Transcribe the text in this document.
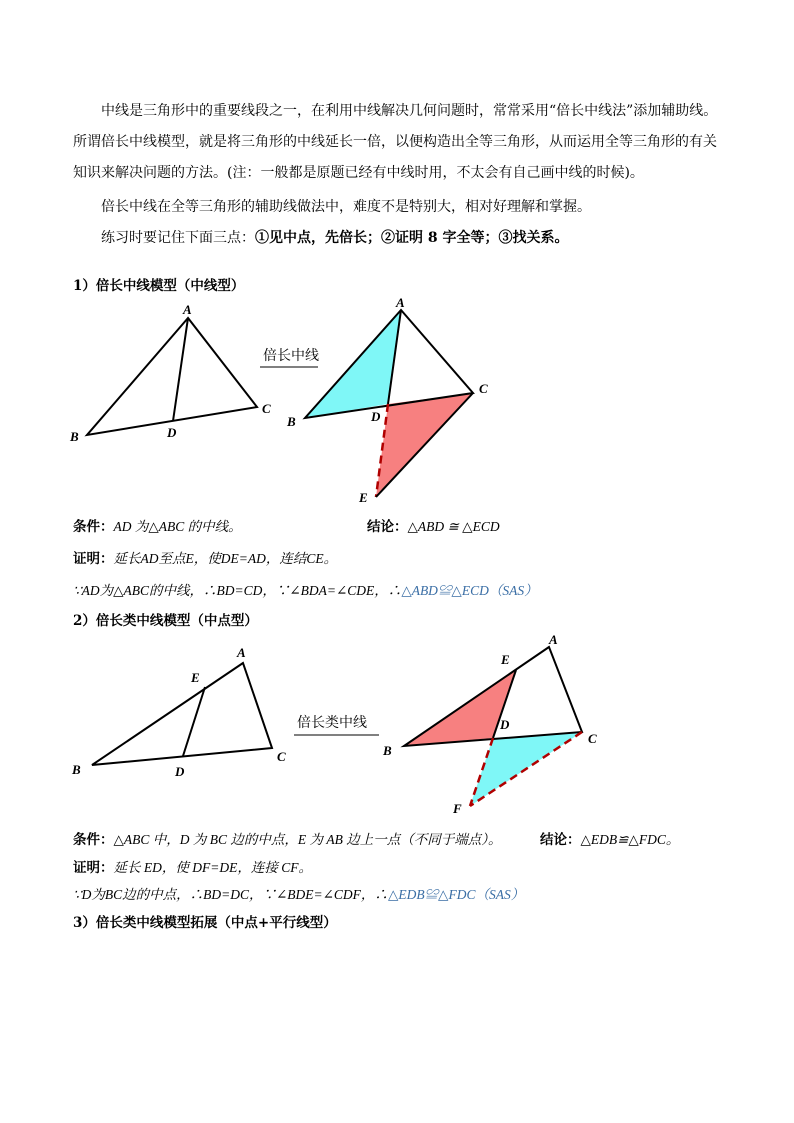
中线是三角形中的重要线段之一，在利用中线解决几何问题时，常常采用“倍长中线法”添加辅助线。所谓倍长中线模型，就是将三角形的中线延长一倍，以便构造出全等三角形，从而运用全等三角形的有关知识来解决问题的方法。(注：一般都是原题已经有中线时用，不太会有自己画中线的时候)。
倍长中线在全等三角形的辅助线做法中，难度不是特别大，相对好理解和掌握。
练习时要记住下面三点：①见中点，先倍长；②证明 8 字全等；③找关系。
1）倍长中线模型（中线型）
A
B
C
D
倍长中线
A
B
C
D
E
A
B
C
D
E
倍长类中线
A
B
C
D
E
F
条件：AD 为△ABC 的中线。	结论：△ABD ≅ △ECD
证明：延长AD至点E，使DE=AD，连结CE。
∵AD为△ABC的中线，∴BD=CD，∵∠BDA=∠CDE，∴△ABD≌△ECD（SAS）
2）倍长类中线模型（中点型）
条件：△ABC 中，D 为 BC 边的中点，E 为 AB 边上一点（不同于端点）。	结论：△EDB≌△FDC。
证明：延长 ED，使 DF=DE，连接 CF。
∵D为BC边的中点，∴BD=DC，∵∠BDE=∠CDF，∴△EDB≌△FDC（SAS）
3）倍长类中线模型拓展（中点+平行线型）
